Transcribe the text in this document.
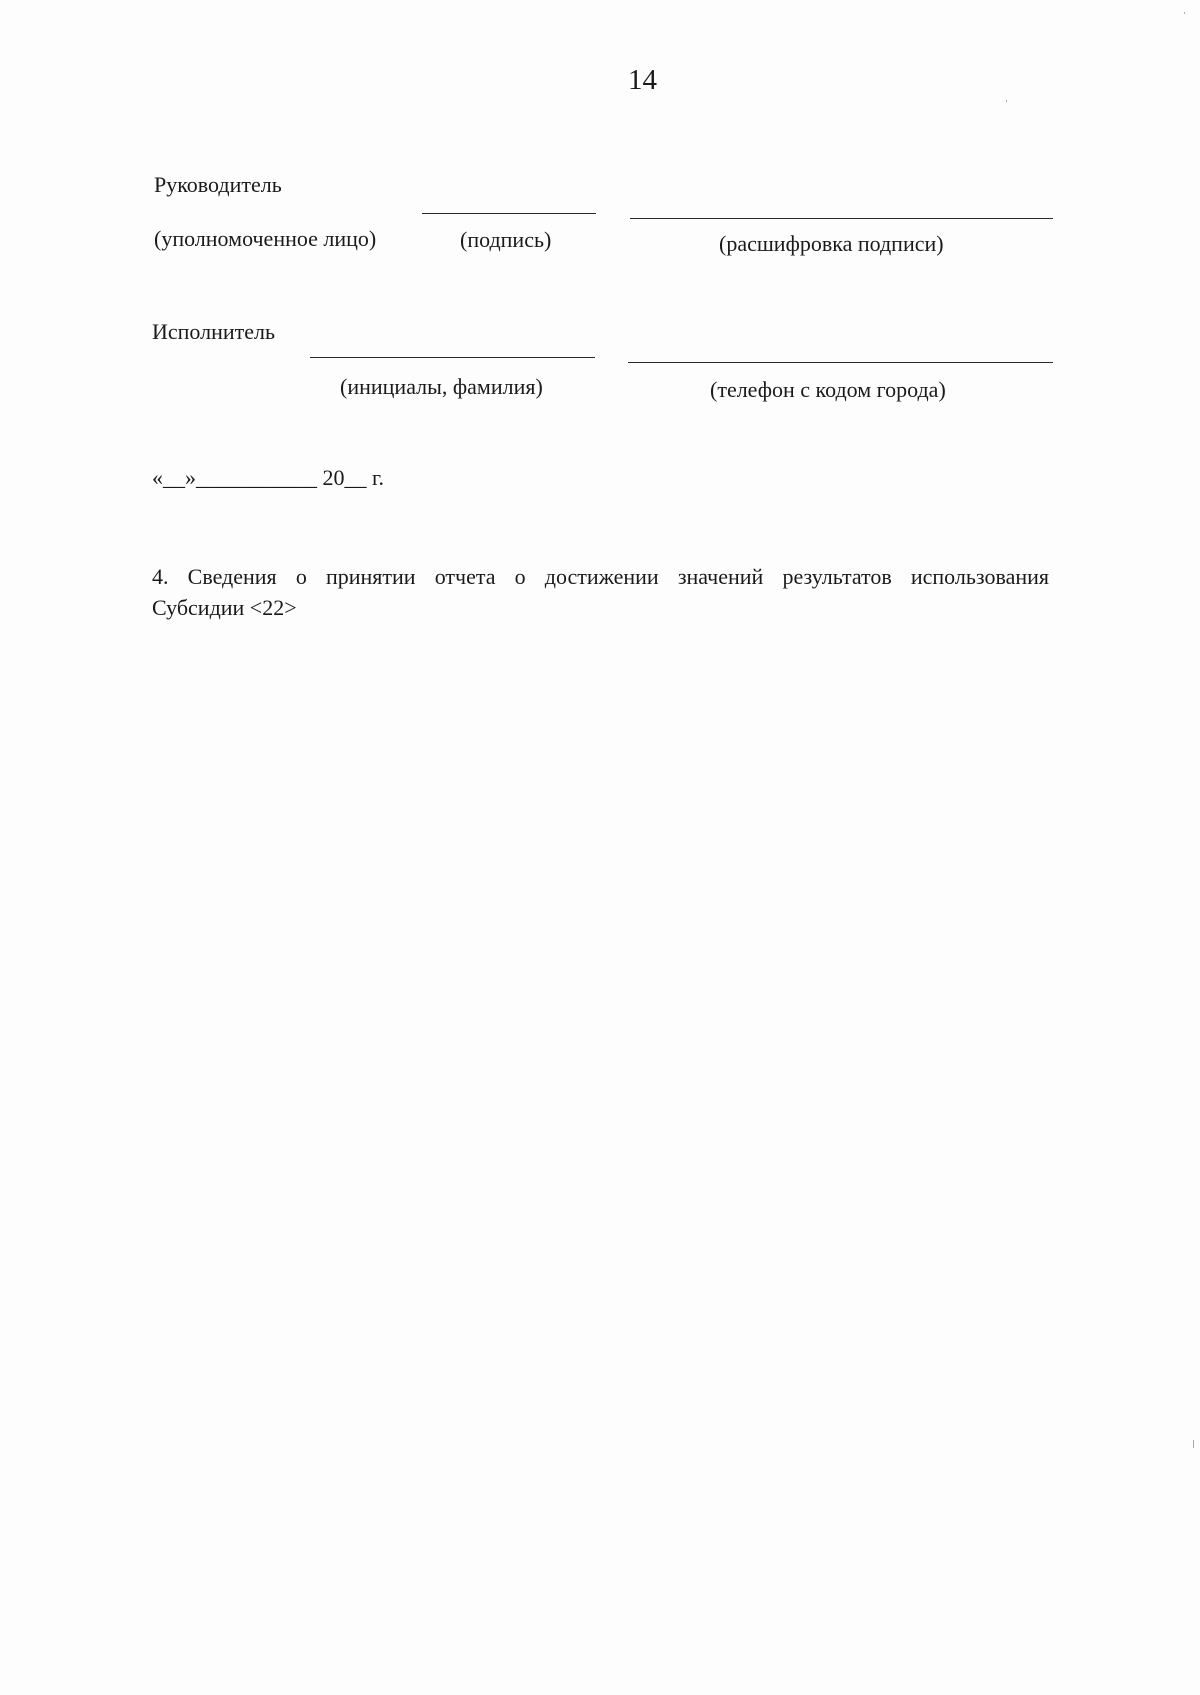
14
Руководитель
(уполномоченное лицо)	(подпись)	(расшифровка подписи)
Исполнитель
(инициалы, фамилия)	(телефон с кодом города)
«__»___________ 20__ г.
4. Сведения о принятии отчета о достижении значений результатов использования
Субсидии <22>
